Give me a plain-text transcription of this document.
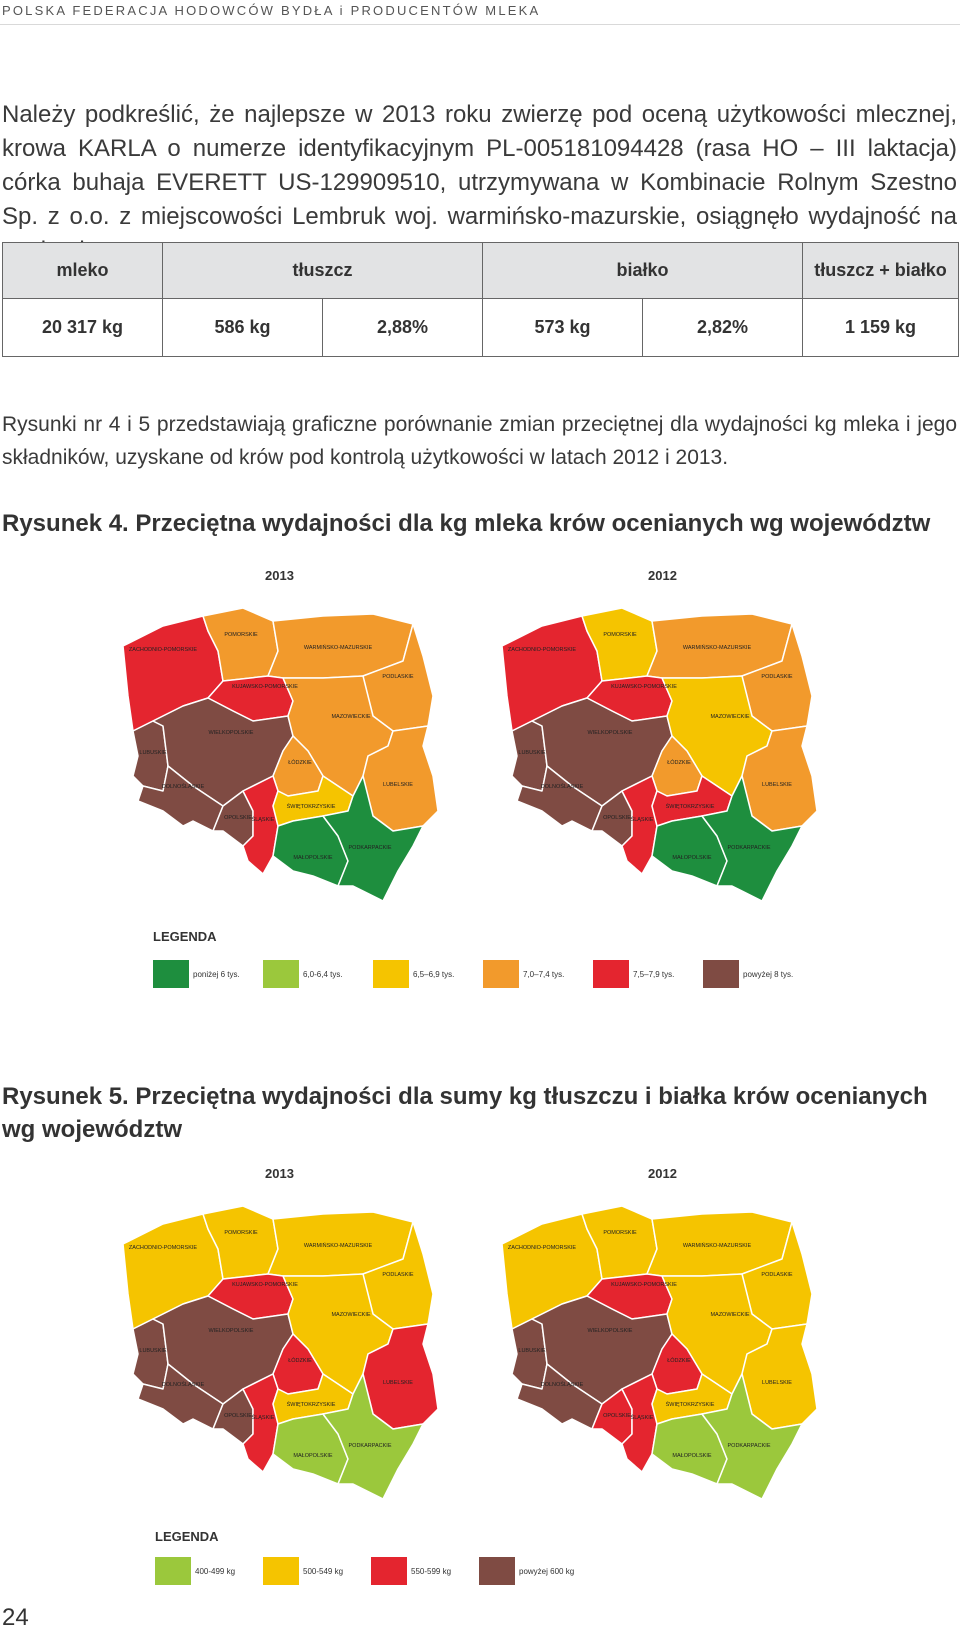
POLSKA FEDERACJA HODOWCÓW BYDŁA i PRODUCENTÓW MLEKA
Należy podkreślić, że najlepsze w 2013 roku zwierzę pod oceną użytkowości mlecznej, krowa KARLA o numerze identyfikacyjnym PL-005181094428 (rasa HO – III laktacja) córka buhaja EVERETT US-129909510, utrzymywana w Kombinacie Rolnym Szestno Sp. z o.o. z miejscowości Lembruk woj. warmińsko-mazurskie, osiągnęło wydajność na
mleko	tłuszcz		białko		tłuszcz + białko
20 317 kg	586 kg	2,88%	573 kg	2,82%	1 159 kg
Rysunki nr 4 i 5 przedstawiają graficzne porównanie zmian przeciętnej dla wydajności kg mleka i jego składników, uzyskane od krów pod kontrolą użytkowości w latach 2012 i 2013.
Rysunek 4. Przeciętna wydajności dla kg mleka krów ocenianych wg województw
2013	2012
ZACHODNIO-POMORSKIE
POMORSKIE
WARMIŃSKO-MAZURSKIE
PODLASKIE
KUJAWSKO-POMORSKIE
LUBUSKIE
WIELKOPOLSKIE
MAZOWIECKIE
ŁÓDZKIE
DOLNOŚLĄSKIE	LUBELSKIE
OPOLSKIE ŚLĄSKIE
ŚWIĘTOKRZYSKIE
MAŁOPOLSKIE
PODKARPACKIE
ZACHODNIO-POMORSKIE
POMORSKIE
WARMIŃSKO-MAZURSKIE
PODLASKIE
KUJAWSKO-POMORSKIE
LUBUSKIE
WIELKOPOLSKIE
MAZOWIECKIE
ŁÓDZKIE
DOLNOŚLĄSKIE	LUBELSKIE
OPOLSKIE ŚLĄSKIE
ŚWIĘTOKRZYSKIE
MAŁOPOLSKIE
PODKARPACKIE
LEGENDA
Rysunek 5. Przeciętna wydajności dla sumy kg tłuszczu i białka krów ocenianych wg województw
2013	2012
ZACHODNIO-POMORSKIE
POMORSKIE
WARMIŃSKO-MAZURSKIE
PODLASKIE
KUJAWSKO-POMORSKIE
LUBUSKIE
WIELKOPOLSKIE
MAZOWIECKIE
ŁÓDZKIE
DOLNOŚLĄSKIE	LUBELSKIE
OPOLSKIE ŚLĄSKIE
ŚWIĘTOKRZYSKIE
MAŁOPOLSKIE
PODKARPACKIE
ZACHODNIO-POMORSKIE
POMORSKIE
WARMIŃSKO-MAZURSKIE
PODLASKIE
KUJAWSKO-POMORSKIE
LUBUSKIE
WIELKOPOLSKIE
MAZOWIECKIE
ŁÓDZKIE
DOLNOŚLĄSKIE	LUBELSKIE
OPOLSKIE ŚLĄSKIE
ŚWIĘTOKRZYSKIE
MAŁOPOLSKIE
PODKARPACKIE
LEGENDA
24
poniżej 6 tys.	6,0-6,4 tys.	6,5–6,9 tys.	7,0–7,4 tys.	7,5–7,9 tys.	powyżej 8 tys.
400-499 kg	500-549 kg	550-599 kg	powyżej 600 kg
